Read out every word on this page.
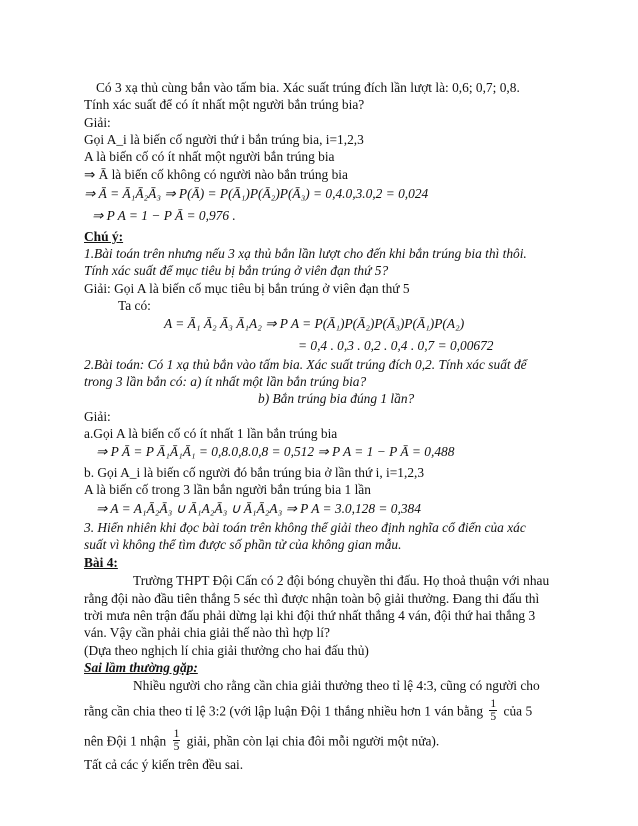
Có 3 xạ thủ cùng bắn vào tấm bia. Xác suất trúng đích lần lượt là: 0,6; 0,7; 0,8.
Tính xác suất để có ít nhất một người bắn trúng bia?
Giải:
Gọi A_i là biến cố người thứ i bắn trúng bia, i=1,2,3
A là biến cố có ít nhất một người bắn trúng bia
⇒ Ā là biến cố không có người nào bắn trúng bia
⇒ Ā = Ā₁Ā₂Ā₃ ⇒ P(Ā) = P(Ā₁)P(Ā₂)P(Ā₃) = 0,4.0,3.0,2 = 0,024
⇒ P A = 1 − P Ā = 0,976 .
Chú ý:
1.Bài toán trên nhưng nếu 3 xạ thủ bắn lần lượt cho đến khi bắn trúng bia thì thôi.
Tính xác suất để mục tiêu bị bắn trúng ở viên đạn thứ 5?
Giải: Gọi A là biến cố mục tiêu bị bắn trúng ở viên đạn thứ 5
Ta có:
A = Ā₁ Ā₂ Ā₃ Ā₁A₂ ⇒ P A = P(Ā₁)P(Ā₂)P(Ā₃)P(Ā₁)P(A₂)
= 0,4 . 0,3 . 0,2 . 0,4 . 0,7 = 0,00672
2.Bài toán: Có 1 xạ thủ bắn vào tấm bia. Xác suất trúng đích 0,2. Tính xác suất để
trong 3 lần bắn có: a) ít nhất một lần bắn trúng bia?
b) Bắn trúng bia đúng 1 lần?
Giải:
a.Gọi A là biến cố có ít nhất 1 lần bắn trúng bia
⇒ P Ā = P Ā₁Ā₁Ā₁ = 0,8.0,8.0,8 = 0,512 ⇒ P A = 1 − P Ā = 0,488
b. Gọi A_i là biến cố người đó bắn trúng bia ở lần thứ i, i=1,2,3
A là biến cố trong 3 lần bắn người bắn trúng bia 1 lần
⇒ A = A₁Ā₂Ā₃ ∪ Ā₁A₂Ā₃ ∪ Ā₁Ā₂A₃ ⇒ P A = 3.0,128 = 0,384
3. Hiển nhiên khi đọc bài toán trên không thể giải theo định nghĩa cổ điển của xác
suất vì không thể tìm được số phần tử của không gian mẫu.
Bài 4:
Trường THPT Đội Cấn có 2 đội bóng chuyền thi đấu. Họ thoả thuận với nhau
rằng đội nào đầu tiên thắng 5 séc thì được nhận toàn bộ giải thưởng. Đang thi đấu thì
trời mưa nên trận đấu phải dừng lại khi đội thứ nhất thắng 4 ván, đội thứ hai thắng 3
ván. Vậy cần phải chia giải thế nào thì hợp lí?
(Dựa theo nghịch lí chia giải thưởng cho hai đấu thủ)
Sai lầm thường gặp:
Nhiều người cho rằng cần chia giải thưởng theo tỉ lệ 4:3, cũng có người cho
rằng cần chia theo tỉ lệ 3:2 (với lập luận Đội 1 thắng nhiều hơn 1 ván bằng $\frac{1}{5}$ của 5
nên Đội 1 nhận $\frac{1}{5}$ giải, phần còn lại chia đôi mỗi người một nửa).
Tất cả các ý kiến trên đều sai.
